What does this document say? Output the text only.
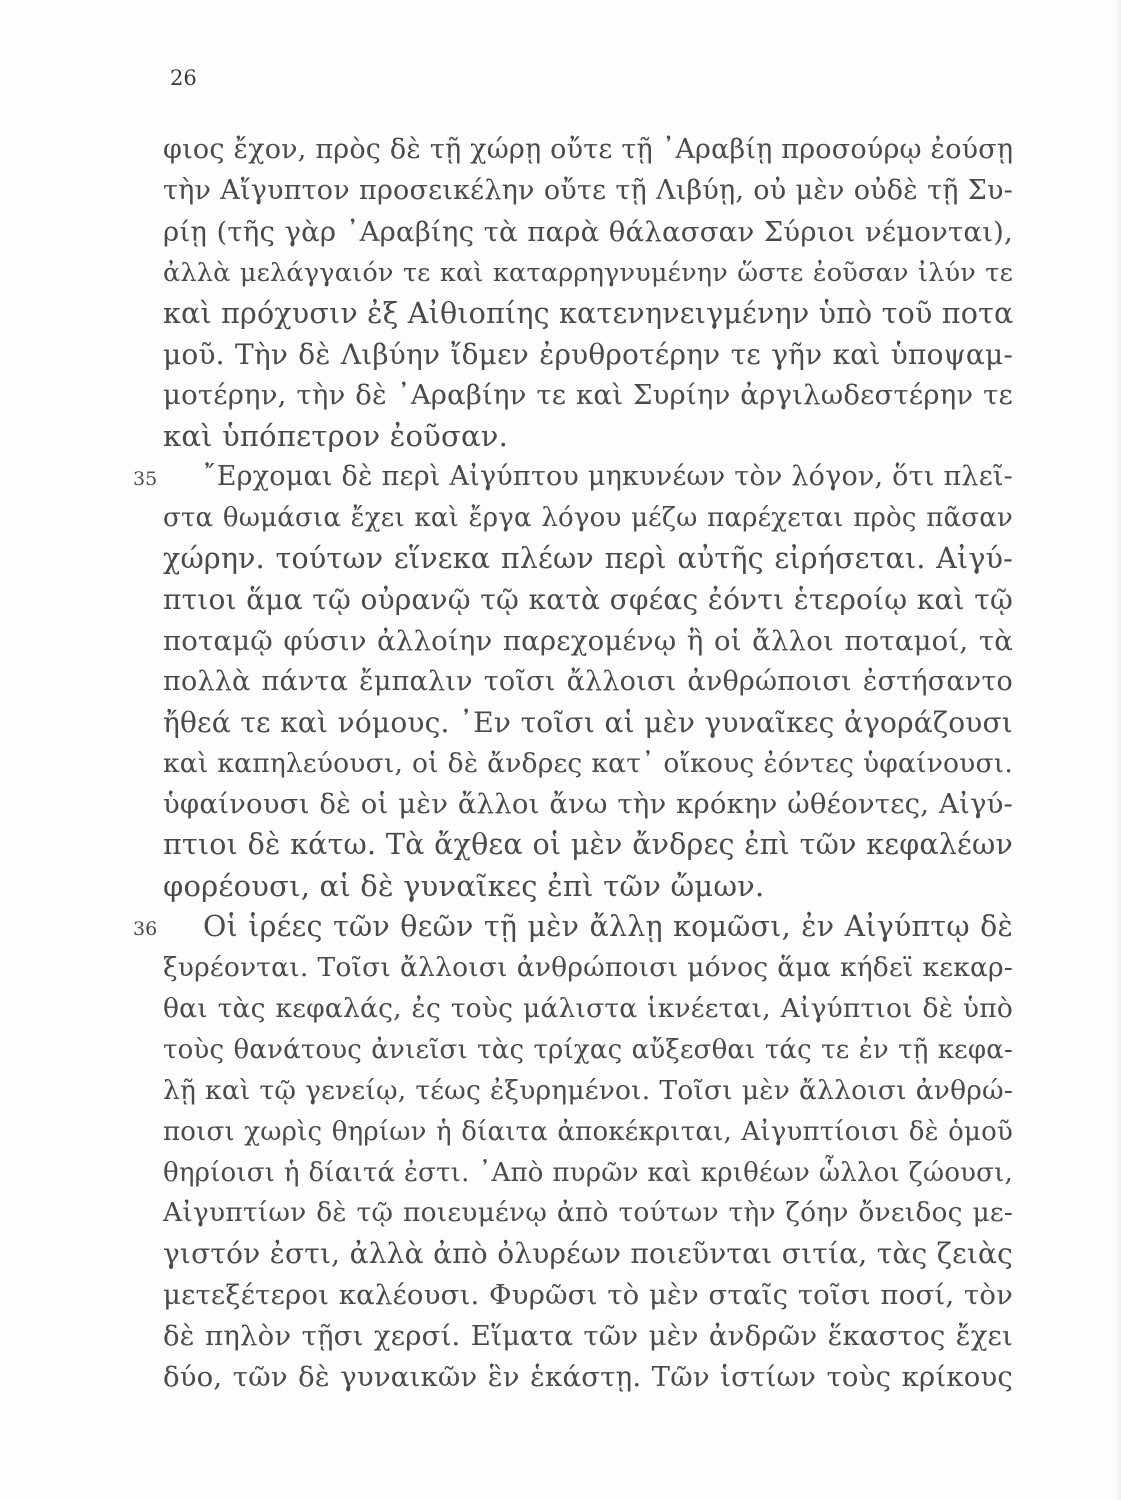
26
35
36
φιος ἔχον, πρὸς δὲ τῇ χώρῃ οὔτε τῇ ᾽Αραβίῃ προσούρῳ ἐούσῃ
τὴν Αἴγυπτον προσεικέλην οὔτε τῇ Λιβύῃ, οὐ μὲν οὐδὲ τῇ Συ-
ρίῃ (τῆς γὰρ ᾽Αραβίης τὰ παρὰ θάλασσαν Σύριοι νέμονται),
ἀλλὰ μελάγγαιόν τε καὶ καταρρηγνυμένην ὥστε ἐοῦσαν ἰλύν τε
καὶ πρόχυσιν ἐξ Αἰθιοπίης κατενηνειγμένην ὑπὸ τοῦ ποτα
μοῦ. Τὴν δὲ Λιβύην ἴδμεν ἐρυθροτέρην τε γῆν καὶ ὑποψαμ-
μοτέρην, τὴν δὲ ᾽Αραβίην τε καὶ Συρίην ἀργιλωδεστέρην τε
καὶ ὑπόπετρον ἐοῦσαν.
῎Ερχομαι δὲ περὶ Αἰγύπτου μηκυνέων τὸν λόγον, ὅτι πλεῖ-
στα θωμάσια ἔχει καὶ ἔργα λόγου μέζω παρέχεται πρὸς πᾶσαν
χώρην. τούτων εἵνεκα πλέων περὶ αὐτῆς εἰρήσεται. Αἰγύ-
πτιοι ἅμα τῷ οὐρανῷ τῷ κατὰ σφέας ἐόντι ἑτεροίῳ καὶ τῷ
ποταμῷ φύσιν ἀλλοίην παρεχομένῳ ἢ οἱ ἄλλοι ποταμοί, τὰ
πολλὰ πάντα ἔμπαλιν τοῖσι ἄλλοισι ἀνθρώποισι ἐστήσαντο
ἤθεά τε καὶ νόμους. ᾽Εν τοῖσι αἱ μὲν γυναῖκες ἀγοράζουσι
καὶ καπηλεύουσι, οἱ δὲ ἄνδρες κατ᾽ οἴκους ἐόντες ὑφαίνουσι.
ὑφαίνουσι δὲ οἱ μὲν ἄλλοι ἄνω τὴν κρόκην ὠθέοντες, Αἰγύ-
πτιοι δὲ κάτω. Τὰ ἄχθεα οἱ μὲν ἄνδρες ἐπὶ τῶν κεφαλέων
φορέουσι, αἱ δὲ γυναῖκες ἐπὶ τῶν ὤμων.
Οἱ ἱρέες τῶν θεῶν τῇ μὲν ἄλλῃ κομῶσι, ἐν Αἰγύπτῳ δὲ
ξυρέονται. Τοῖσι ἄλλοισι ἀνθρώποισι μόνος ἅμα κήδεϊ κεκαρ-
θαι τὰς κεφαλάς, ἐς τοὺς μάλιστα ἱκνέεται, Αἰγύπτιοι δὲ ὑπὸ
τοὺς θανάτους ἀνιεῖσι τὰς τρίχας αὔξεσθαι τάς τε ἐν τῇ κεφα-
λῇ καὶ τῷ γενείῳ, τέως ἐξυρημένοι. Τοῖσι μὲν ἄλλοισι ἀνθρώ-
ποισι χωρὶς θηρίων ἡ δίαιτα ἀποκέκριται, Αἰγυπτίοισι δὲ ὁμοῦ
θηρίοισι ἡ δίαιτά ἐστι. ᾽Απὸ πυρῶν καὶ κριθέων ὧλλοι ζώουσι,
Αἰγυπτίων δὲ τῷ ποιευμένῳ ἀπὸ τούτων τὴν ζόην ὄνειδος με-
γιστόν ἐστι, ἀλλὰ ἀπὸ ὀλυρέων ποιεῦνται σιτία, τὰς ζειὰς
μετεξέτεροι καλέουσι. Φυρῶσι τὸ μὲν σταῖς τοῖσι ποσί, τὸν
δὲ πηλὸν τῇσι χερσί. Εἵματα τῶν μὲν ἀνδρῶν ἕκαστος ἔχει
δύο, τῶν δὲ γυναικῶν ἓν ἑκάστῃ. Τῶν ἱστίων τοὺς κρίκους
